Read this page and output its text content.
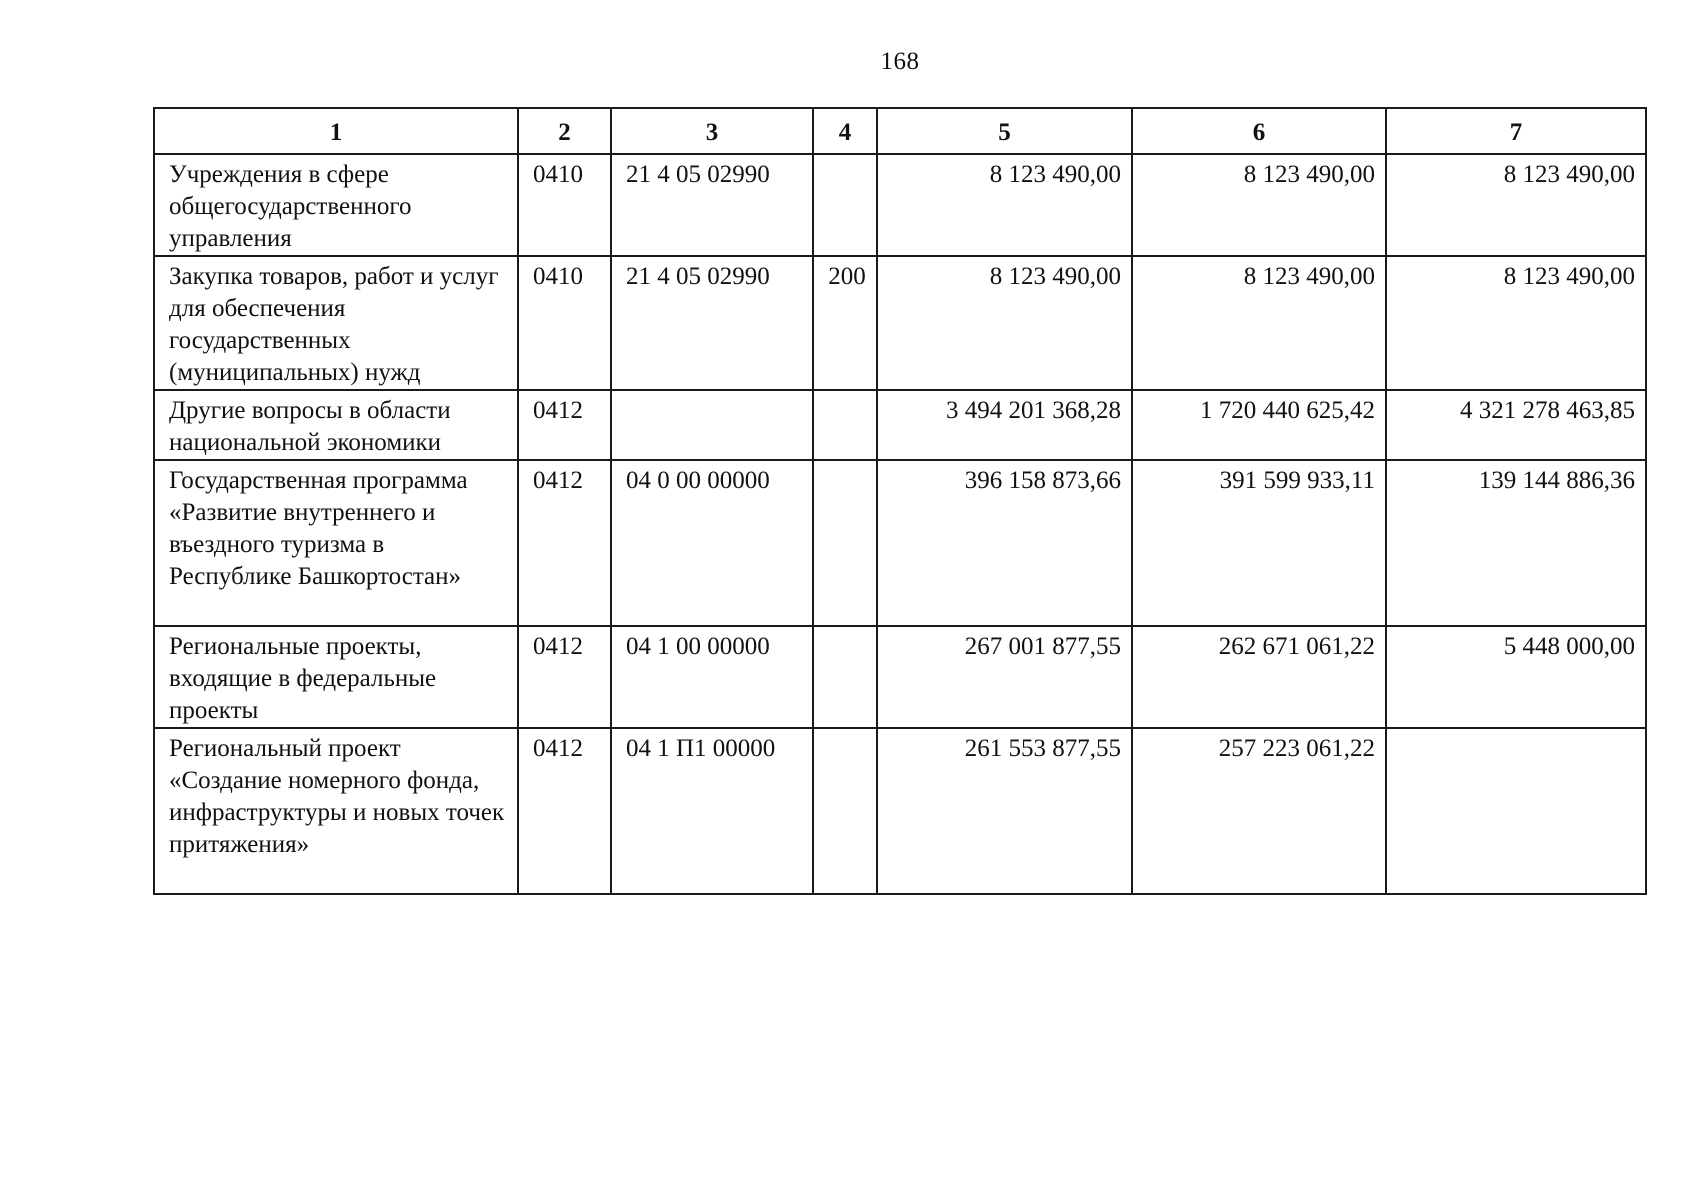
168
1	2	3	4	5	6	7
Учреждения в сфере общегосударственного управления	0410	21 4 05 02990		8 123 490,00	8 123 490,00	8 123 490,00
Закупка товаров, работ и услуг для обеспечения государственных (муниципальных) нужд	0410	21 4 05 02990	200	8 123 490,00	8 123 490,00	8 123 490,00
Другие вопросы в области национальной экономики	0412			3 494 201 368,28	1 720 440 625,42	4 321 278 463,85
Государственная программа «Развитие внутреннего и въездного туризма в Республике Башкортостан»	0412	04 0 00 00000		396 158 873,66	391 599 933,11	139 144 886,36
Региональные проекты, входящие в федеральные проекты	0412	04 1 00 00000		267 001 877,55	262 671 061,22	5 448 000,00
Региональный проект «Создание номерного фонда, инфраструктуры и новых точек притяжения»	0412	04 1 П1 00000		261 553 877,55	257 223 061,22	
